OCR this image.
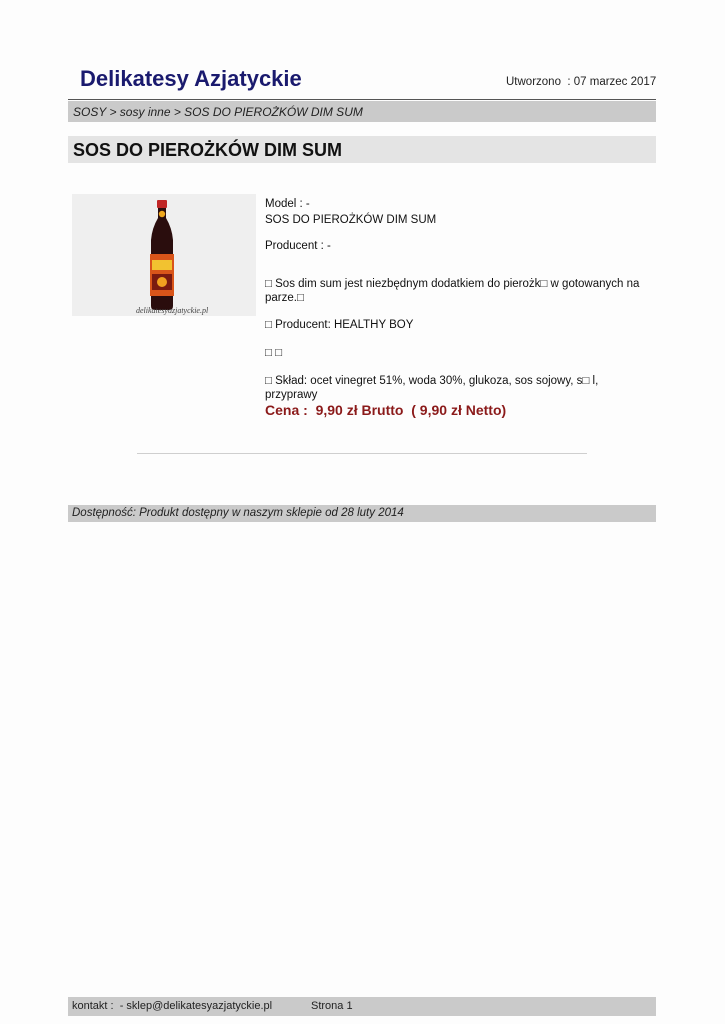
Delikatesy Azjatyckie	Utworzono  : 07 marzec 2017
SOSY > sosy inne > SOS DO PIEROŻKÓW DIM SUM
SOS DO PIEROŻKÓW DIM SUM
delikatesyazjatyckie.pl
Model : -
SOS DO PIEROŻKÓW DIM SUM
Producent : -
□ Sos dim sum jest niezbędnym dodatkiem do pierożk□ w gotowanych na parze.□
□ Producent: HEALTHY BOY
□ □
□ Skład: ocet vinegret 51%, woda 30%, glukoza, sos sojowy, s□ l, przyprawy
Cena :  9,90 zł Brutto  ( 9,90 zł Netto)
Dostępność: Produkt dostępny w naszym sklepie od 28 luty 2014
kontakt :  - sklep@delikatesyazjatyckie.pl	Strona 1
